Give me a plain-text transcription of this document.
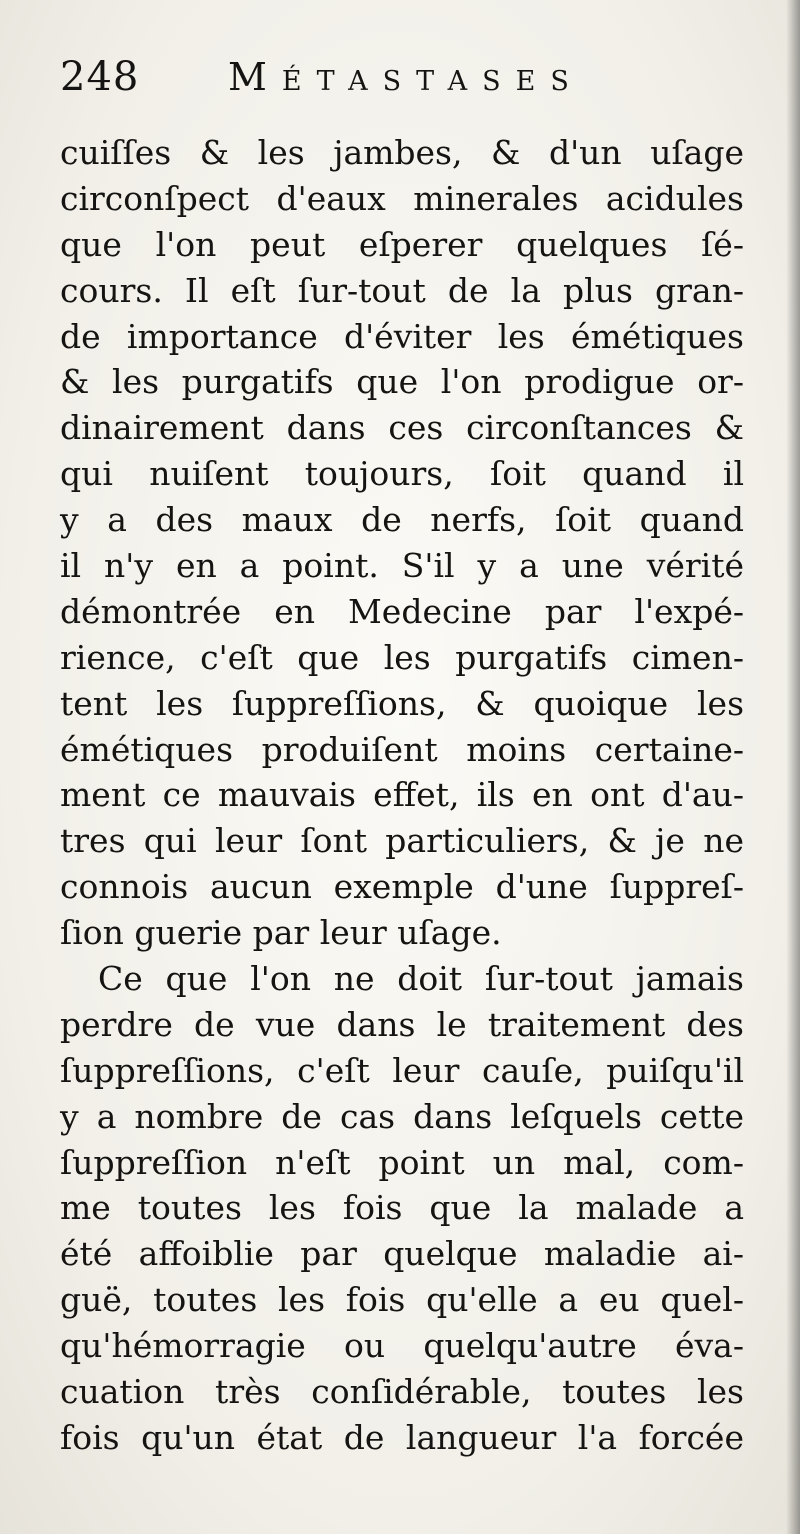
248 Métastases
cuiſſes & les jambes, & d'un uſage
circonſpect d'eaux minerales acidules
que l'on peut eſperer quelques ſé-
cours. Il eſt ſur-tout de la plus gran-
de importance d'éviter les émétiques
& les purgatifs que l'on prodigue or-
dinairement dans ces circonſtances &
qui nuiſent toujours, ſoit quand il
y a des maux de nerfs, ſoit quand
il n'y en a point. S'il y a une vérité
démontrée en Medecine par l'expé-
rience, c'eſt que les purgatifs cimen-
tent les ſuppreſſions, & quoique les
émétiques produiſent moins certaine-
ment ce mauvais effet, ils en ont d'au-
tres qui leur ſont particuliers, & je ne
connois aucun exemple d'une ſuppreſ-
ſion guerie par leur uſage.
Ce que l'on ne doit ſur-tout jamais
perdre de vue dans le traitement des
ſuppreſſions, c'eſt leur cauſe, puiſqu'il
y a nombre de cas dans leſquels cette
ſuppreſſion n'eſt point un mal, com-
me toutes les fois que la malade a
été affoiblie par quelque maladie ai-
guë, toutes les fois qu'elle a eu quel-
qu'hémorragie ou quelqu'autre éva-
cuation très conſidérable, toutes les
fois qu'un état de langueur l'a forcée
